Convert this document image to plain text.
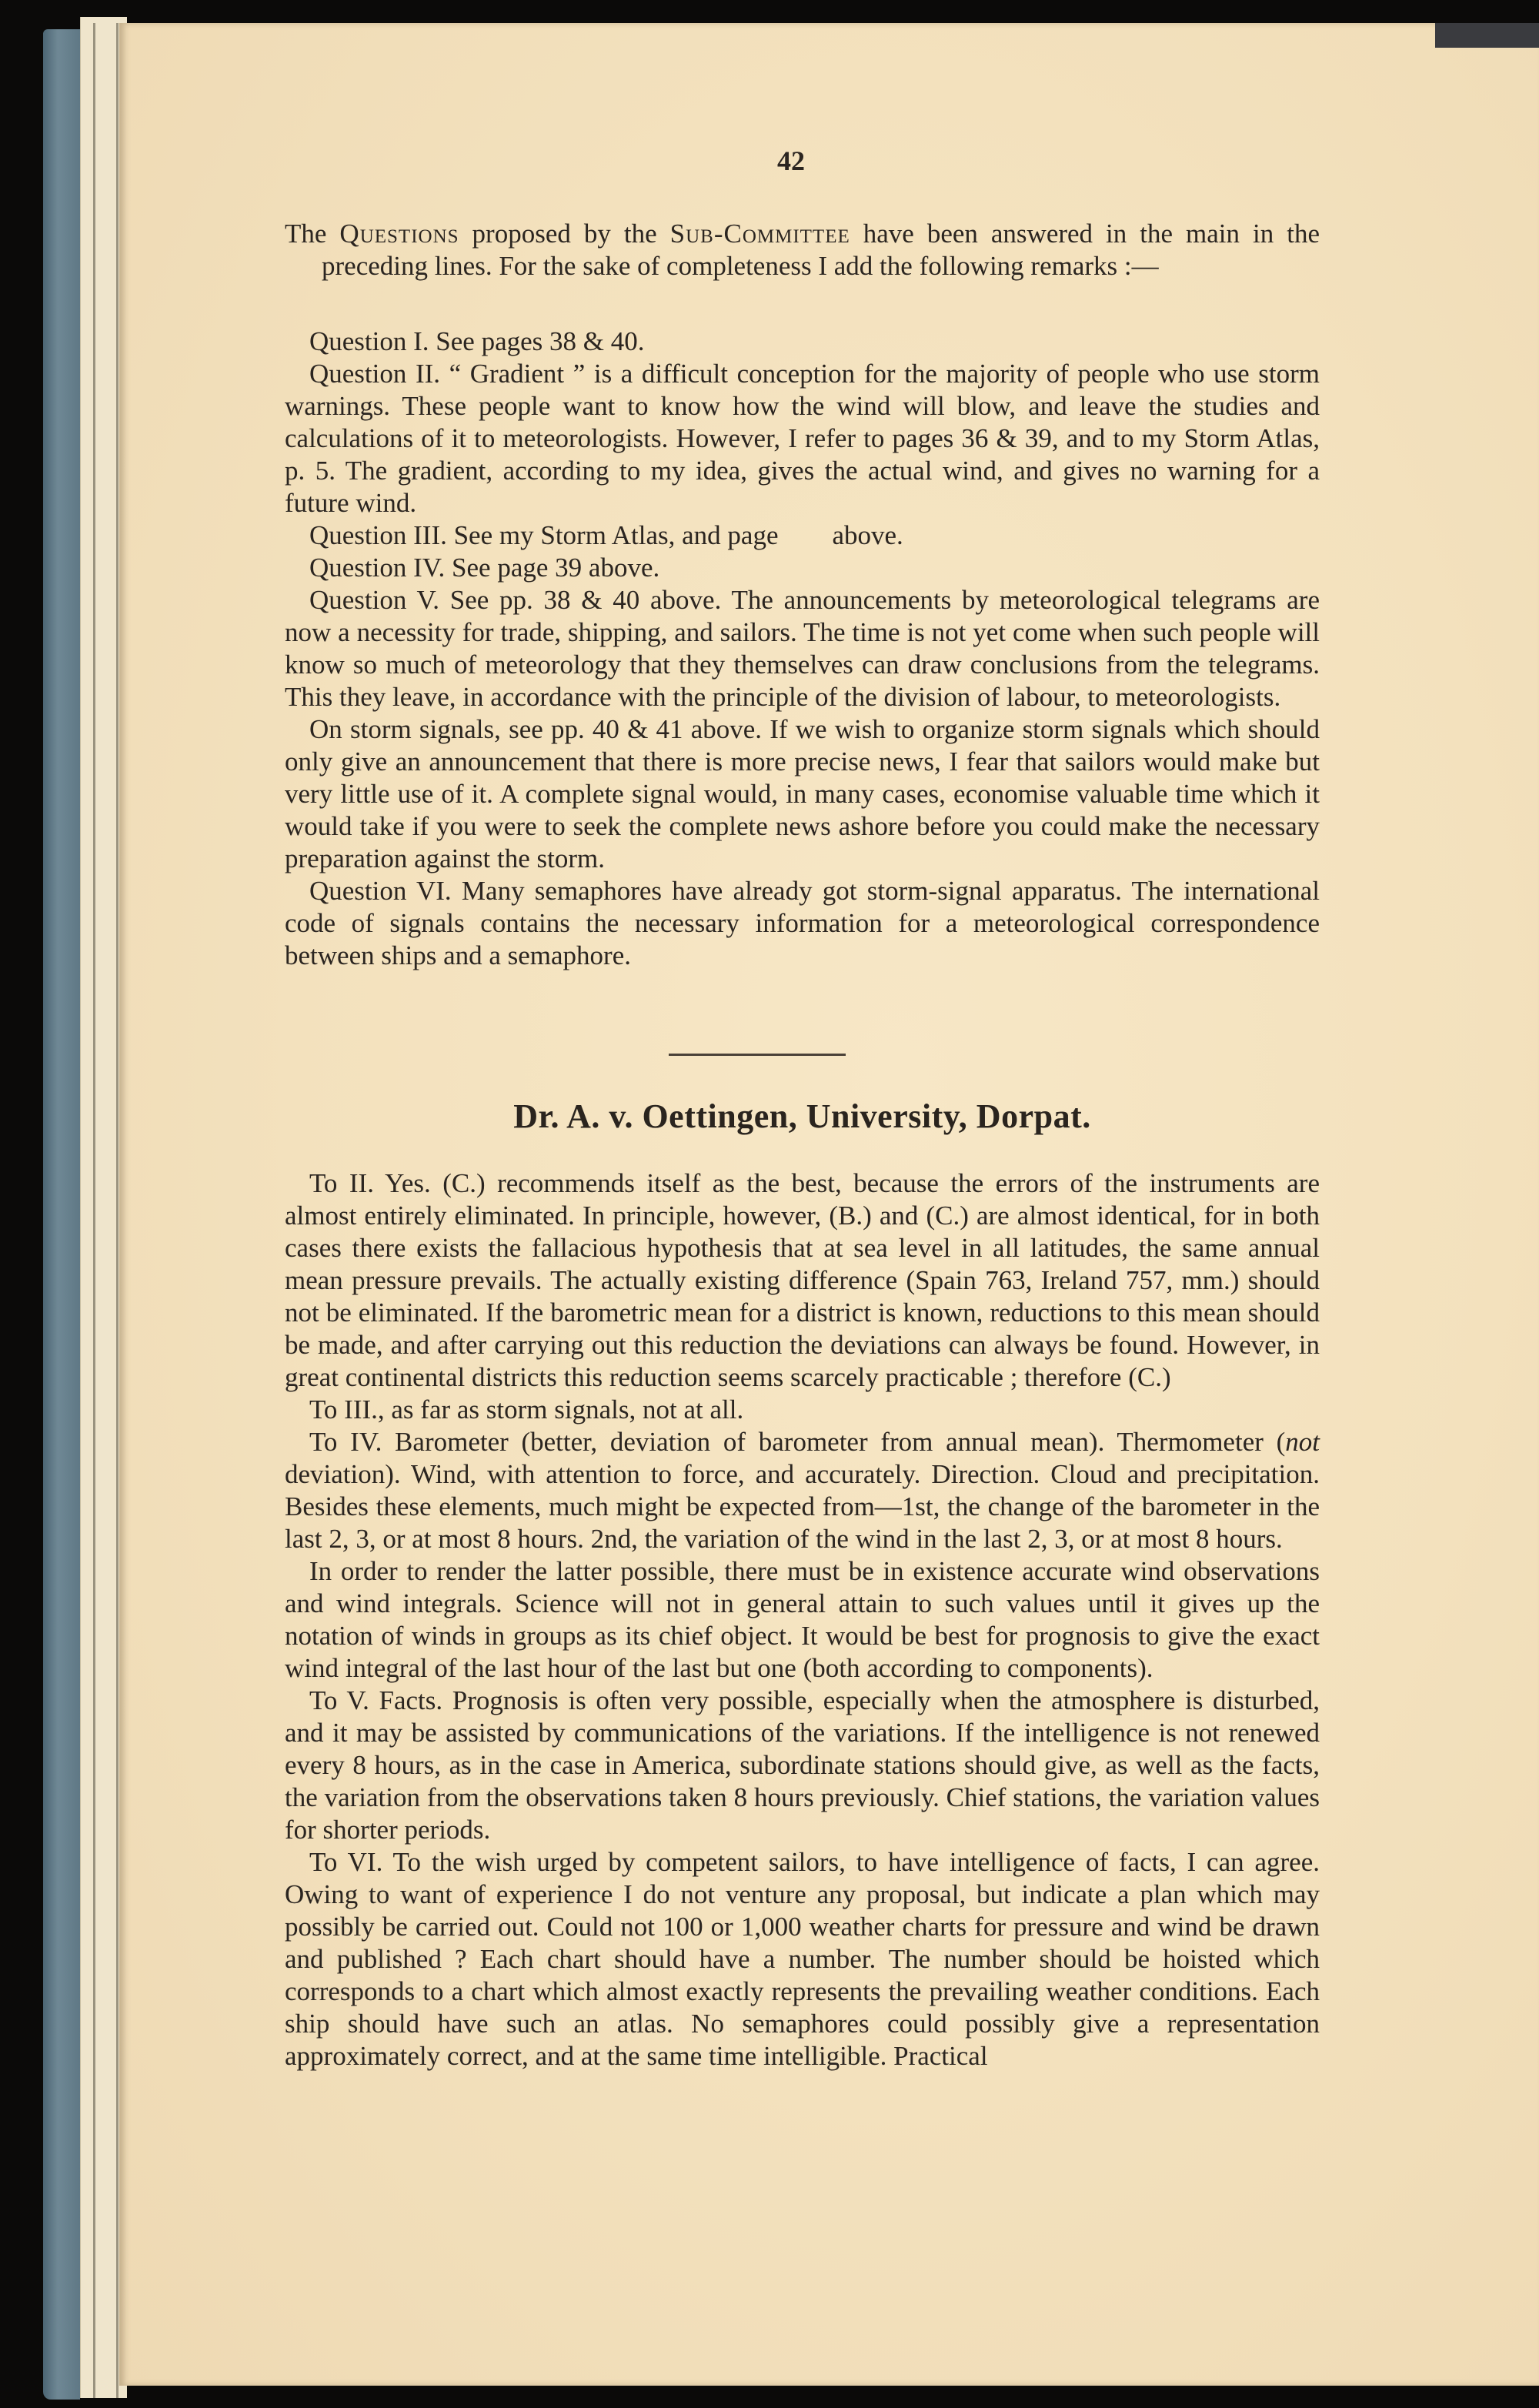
42

The Questions proposed by the Sub-Committee have been answered in the main in the preceding lines. For the sake of completeness I add the following remarks :—

Question I. See pages 38 & 40.

Question II. “ Gradient ” is a difficult conception for the majority of people who use storm warnings. These people want to know how the wind will blow, and leave the studies and calculations of it to meteorologists. However, I refer to pages 36 & 39, and to my Storm Atlas, p. 5. The gradient, according to my idea, gives the actual wind, and gives no warning for a future wind.

Question III. See my Storm Atlas, and page        above.

Question IV. See page 39 above.

Question V. See pp. 38 & 40 above. The announcements by meteorological telegrams are now a necessity for trade, shipping, and sailors. The time is not yet come when such people will know so much of meteorology that they themselves can draw conclusions from the telegrams. This they leave, in accordance with the principle of the division of labour, to meteorologists.

On storm signals, see pp. 40 & 41 above. If we wish to organize storm signals which should only give an announcement that there is more precise news, I fear that sailors would make but very little use of it. A complete signal would, in many cases, economise valuable time which it would take if you were to seek the complete news ashore before you could make the necessary preparation against the storm.

Question VI. Many semaphores have already got storm-signal apparatus. The international code of signals contains the necessary information for a meteorological correspondence between ships and a semaphore.

Dr. A. v. Oettingen, University, Dorpat.

To II. Yes. (C.) recommends itself as the best, because the errors of the instruments are almost entirely eliminated. In principle, however, (B.) and (C.) are almost identical, for in both cases there exists the fallacious hypothesis that at sea level in all latitudes, the same annual mean pressure prevails. The actually existing difference (Spain 763, Ireland 757, mm.) should not be eliminated. If the barometric mean for a district is known, reductions to this mean should be made, and after carrying out this reduction the deviations can always be found. However, in great continental districts this reduction seems scarcely practicable ; therefore (C.)

To III., as far as storm signals, not at all.

To IV. Barometer (better, deviation of barometer from annual mean). Thermometer (not deviation). Wind, with attention to force, and accurately. Direction. Cloud and precipitation. Besides these elements, much might be expected from—1st, the change of the barometer in the last 2, 3, or at most 8 hours. 2nd, the variation of the wind in the last 2, 3, or at most 8 hours.

In order to render the latter possible, there must be in existence accurate wind observations and wind integrals. Science will not in general attain to such values until it gives up the notation of winds in groups as its chief object. It would be best for prognosis to give the exact wind integral of the last hour of the last but one (both according to components).

To V. Facts. Prognosis is often very possible, especially when the atmosphere is disturbed, and it may be assisted by communications of the variations. If the intelligence is not renewed every 8 hours, as in the case in America, subordinate stations should give, as well as the facts, the variation from the observations taken 8 hours previously. Chief stations, the variation values for shorter periods.

To VI. To the wish urged by competent sailors, to have intelligence of facts, I can agree. Owing to want of experience I do not venture any proposal, but indicate a plan which may possibly be carried out. Could not 100 or 1,000 weather charts for pressure and wind be drawn and published ? Each chart should have a number. The number should be hoisted which corresponds to a chart which almost exactly represents the prevailing weather conditions. Each ship should have such an atlas. No semaphores could possibly give a representation approximately correct, and at the same time intelligible. Practical
